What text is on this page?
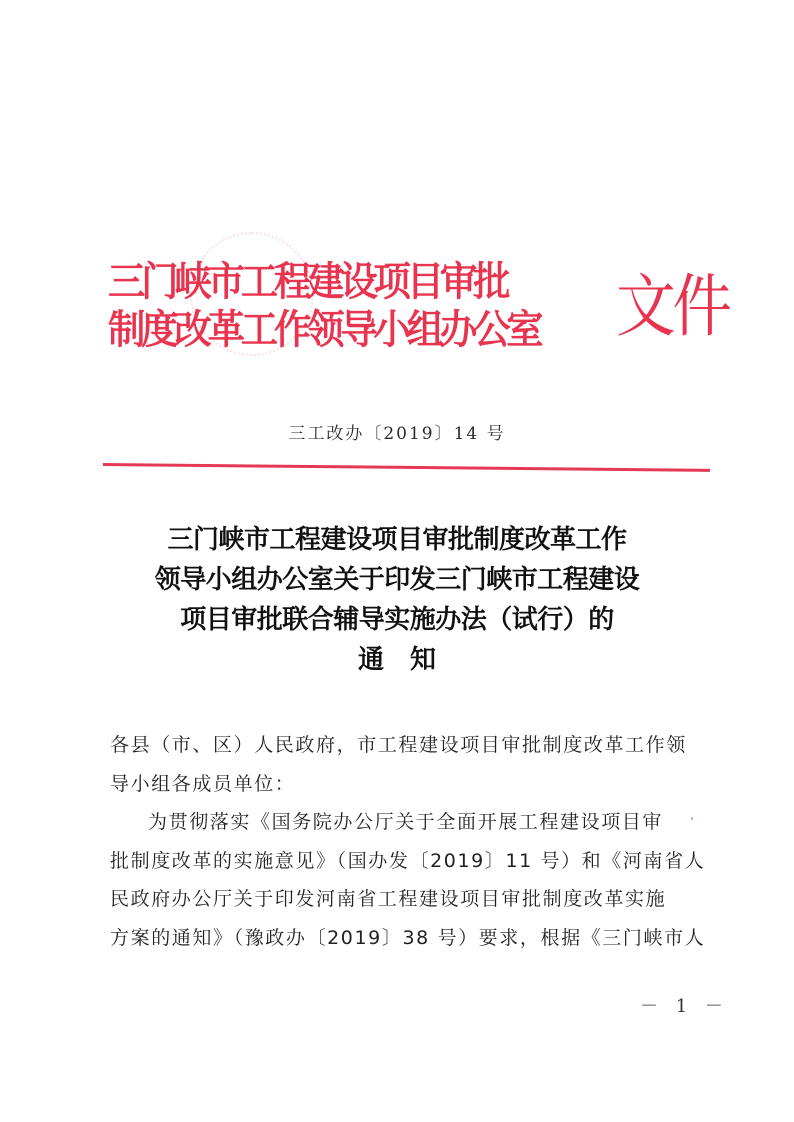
三门峡市工程建设项目审批
制度改革工作领导小组办公室	文件
三工改办〔2019〕14 号
三门峡市工程建设项目审批制度改革工作
领导小组办公室关于印发三门峡市工程建设
项目审批联合辅导实施办法（试行）的
通知
各县（市、区）人民政府，市工程建设项目审批制度改革工作领
导小组各成员单位：
为贯彻落实《国务院办公厅关于全面开展工程建设项目审
批制度改革的实施意见》（国办发〔2019〕11 号）和《河南省人
民政府办公厅关于印发河南省工程建设项目审批制度改革实施
方案的通知》（豫政办〔2019〕38 号）要求，根据《三门峡市人
－ 1 －
